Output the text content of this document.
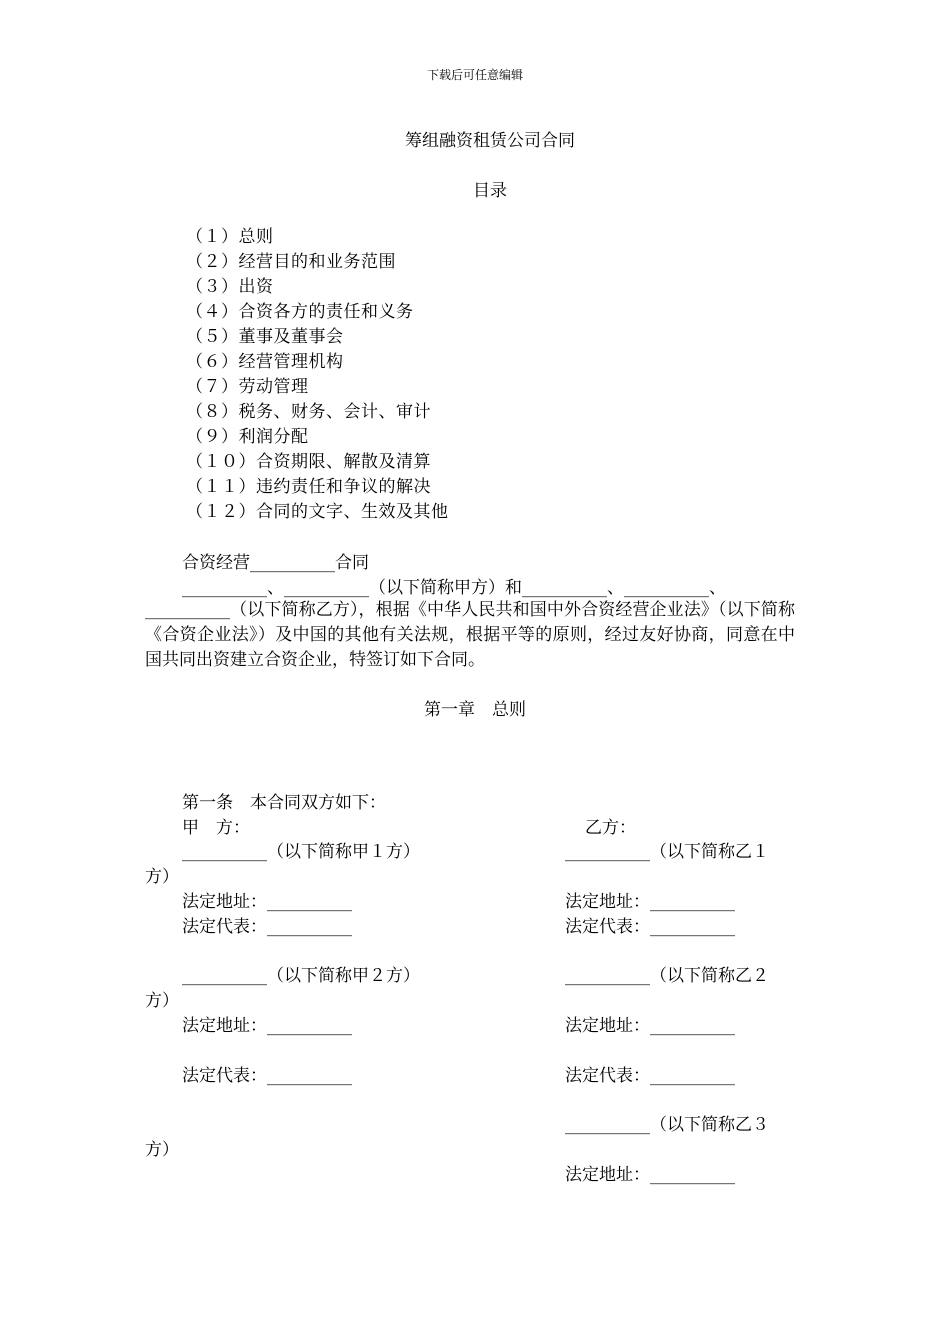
下载后可任意编辑
筹组融资租赁公司合同
目录
（１）总则
（２）经营目的和业务范围
（３）出资
（４）合资各方的责任和义务
（５）董事及董事会
（６）经营管理机构
（７）劳动管理
（８）税务、财务、会计、审计
（９）利润分配
（１０）合资期限、解散及清算
（１１）违约责任和争议的解决
（１２）合同的文字、生效及其他
合资经营__________合同
__________、__________（以下简称甲方）和__________、__________、
__________（以下简称乙方），根据《中华人民共和国中外合资经营企业法》（以下简称《合资企业法》）及中国的其他有关法规，根据平等的原则，经过友好协商，同意在中国共同出资建立合资企业，特签订如下合同。
第一章　总则
第一条　本合同双方如下：
甲　方：	乙方：
__________（以下简称甲１方）	__________（以下简称乙１
方）
法定地址：__________	法定地址：__________
法定代表：__________	法定代表：__________
__________（以下简称甲２方）	__________（以下简称乙２
方）
法定地址：__________	法定地址：__________
法定代表：__________	法定代表：__________
__________（以下简称乙３
方）
法定地址：__________
